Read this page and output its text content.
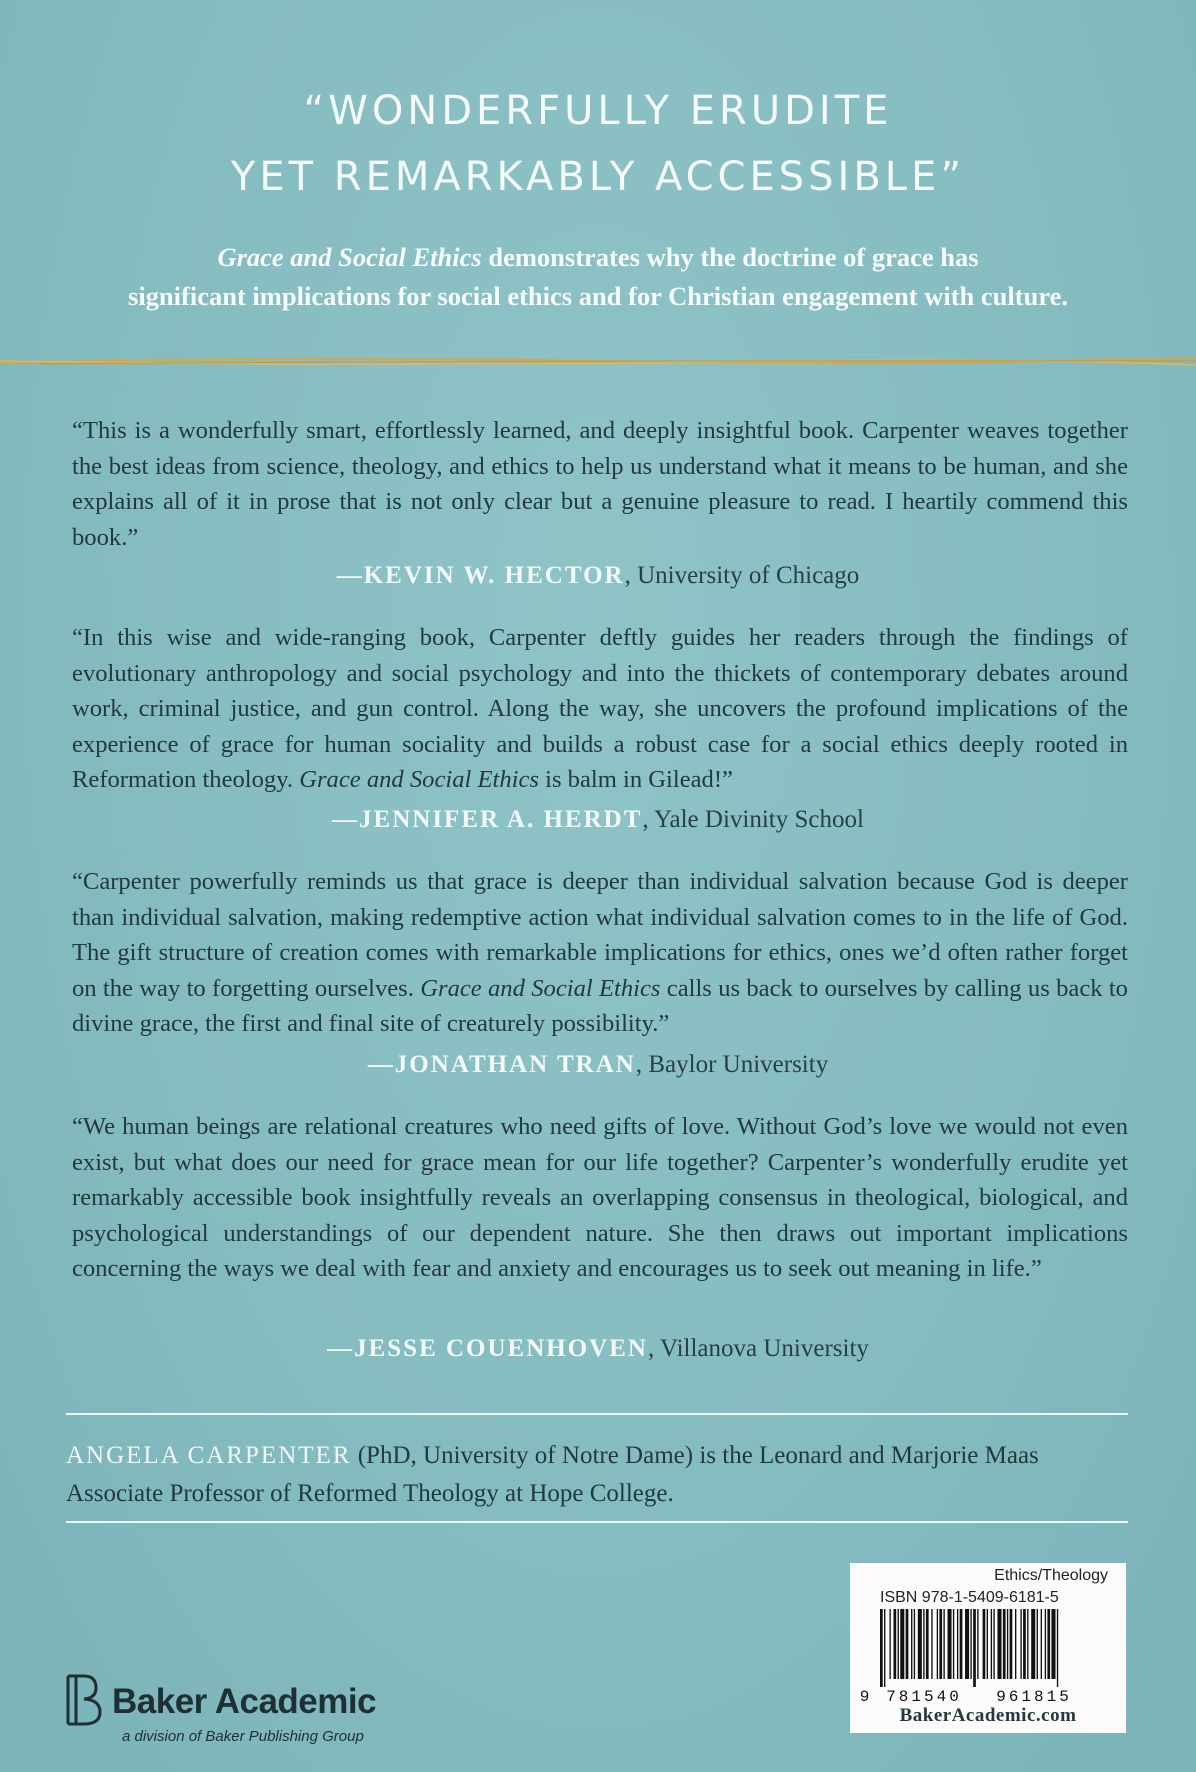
“WONDERFULLY ERUDITE
YET REMARKABLY ACCESSIBLE”
Grace and Social Ethics demonstrates why the doctrine of grace has
significant implications for social ethics and for Christian engagement with culture.

“This is a wonderfully smart, effortlessly learned, and deeply insightful book. Carpenter weaves together the best ideas from science, theology, and ethics to help us understand what it means to be human, and she explains all of it in prose that is not only clear but a genuine pleasure to read. I heartily commend this book.”

—KEVIN W. HECTOR, University of Chicago

“In this wise and wide-ranging book, Carpenter deftly guides her readers through the findings of evolutionary anthropology and social psychology and into the thickets of contemporary debates around work, criminal justice, and gun control. Along the way, she uncovers the profound implications of the experience of grace for human sociality and builds a robust case for a social ethics deeply rooted in Reformation theology. Grace and Social Ethics is balm in Gilead!”

—JENNIFER A. HERDT, Yale Divinity School

“Carpenter powerfully reminds us that grace is deeper than individual salvation because God is deeper than individual salvation, making redemptive action what individual salvation comes to in the life of God. The gift structure of creation comes with remarkable implications for ethics, ones we’d often rather forget on the way to forgetting ourselves. Grace and Social Ethics calls us back to ourselves by calling us back to divine grace, the first and final site of creaturely possibility.”

—JONATHAN TRAN, Baylor University

“We human beings are relational creatures who need gifts of love. Without God’s love we would not even exist, but what does our need for grace mean for our life together? Carpenter’s wonderfully erudite yet remarkably accessible book insightfully reveals an overlapping consensus in theological, biological, and psychological understandings of our dependent nature. She then draws out important implications concerning the ways we deal with fear and anxiety and encourages us to seek out meaning in life.”

—JESSE COUENHOVEN, Villanova University

ANGELA CARPENTER (PhD, University of Notre Dame) is the Leonard and Marjorie Maas Associate Professor of Reformed Theology at Hope College.

Baker Academic
a division of Baker Publishing Group
Ethics/Theology
ISBN 978-1-5409-6181-5
9 781540 961815
BakerAcademic.com
